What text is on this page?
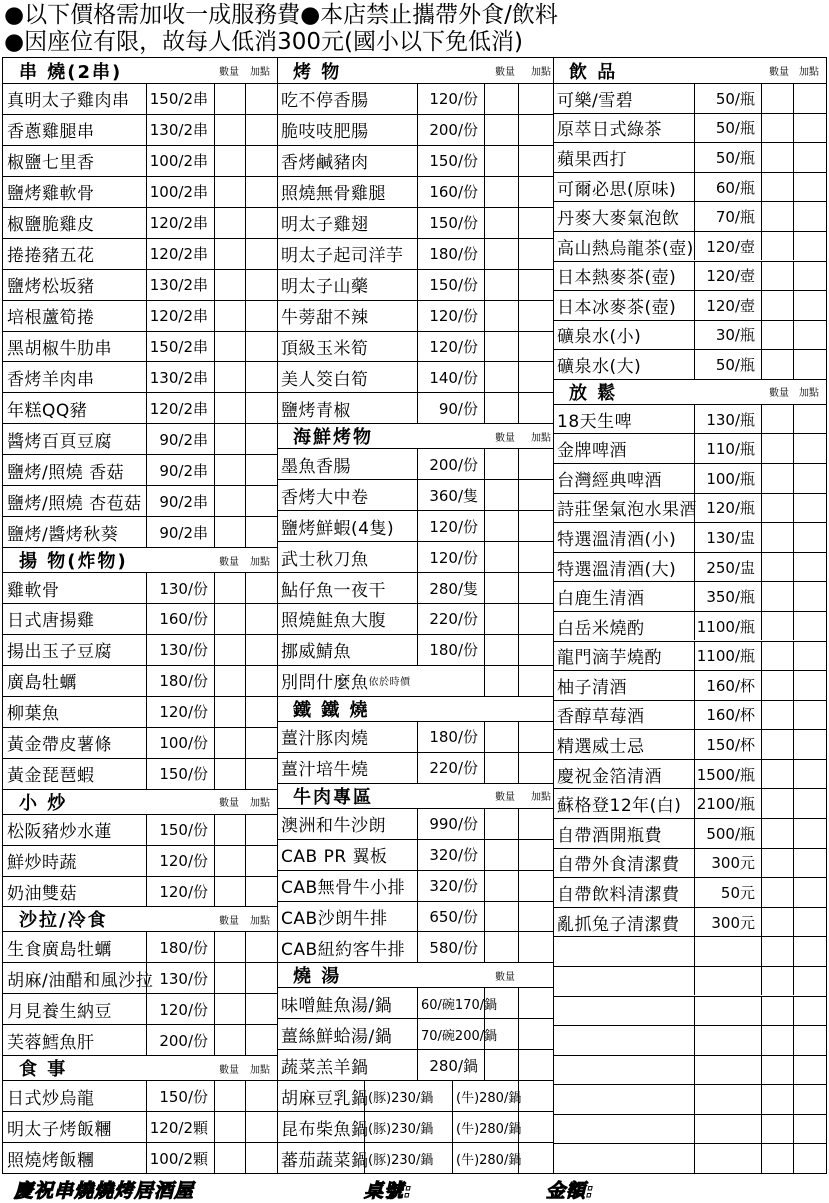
●以下價格需加收一成服務費●本店禁止攜帶外食/飲料
●因座位有限，故每人低消300元(國小以下免低消)
串 燒(2串)	數量 加點
真明太子雞肉串 150/2串
香蔥雞腿串	130/2串
椒鹽七里香	100/2串
鹽烤雞軟骨	100/2串
椒鹽脆雞皮	120/2串
捲捲豬五花	120/2串
鹽烤松坂豬	130/2串
培根蘆筍捲	120/2串
黑胡椒牛肋串	150/2串
香烤羊肉串	130/2串
年糕QQ豬	120/2串
醬烤百頁豆腐	90/2串
鹽烤/照燒 香菇	90/2串
鹽烤/照燒 杏苞菇	90/2串
鹽烤/醬烤秋葵	90/2串
揚 物(炸物)	數量 加點
雞軟骨	130/份
日式唐揚雞	160/份
揚出玉子豆腐	130/份
廣島牡蠣	180/份
柳葉魚	120/份
黃金帶皮薯條	100/份
黃金琵琶蝦	150/份
小 炒	數量 加點
松阪豬炒水蓮	150/份
鮮炒時蔬	120/份
奶油雙菇	120/份
沙拉/冷食	數量 加點
生食廣島牡蠣	180/份
胡麻/油醋和風沙拉 130/份
月見養生納豆	120/份
芙蓉鱈魚肝	200/份
食 事	數量 加點
日式炒烏龍	150/份
明太子烤飯糰	120/2顆
照燒烤飯糰	100/2顆
烤 物	數量 加點
吃不停香腸	120/份
脆吱吱肥腸	200/份
香烤鹹豬肉	150/份
照燒無骨雞腿	160/份
明太子雞翅	150/份
明太子起司洋芋	180/份
明太子山藥	150/份
牛蒡甜不辣	120/份
頂級玉米筍	120/份
美人筊白筍	140/份
鹽烤青椒	90/份
海鮮烤物	數量 加點
墨魚香腸	200/份
香烤大中卷	360/隻
鹽烤鮮蝦(4隻)	120/份
武士秋刀魚	120/份
鮎仔魚一夜干	280/隻
照燒鮭魚大腹	220/份
挪威鯖魚	180/份
別問什麼魚 依於時價
鐵 鐵 燒
薑汁豚肉燒	180/份
薑汁培牛燒	220/份
牛肉專區	數量 加點
澳洲和牛沙朗	990/份
CAB PR 翼板	320/份
CAB無骨牛小排	320/份
CAB沙朗牛排	650/份
CAB紐約客牛排	580/份
燒 湯	數量
味噌鮭魚湯/鍋 60/碗170/鍋
薑絲鮮蛤湯/鍋 70/碗200/鍋
蔬菜羔羊鍋	280/鍋
胡麻豆乳鍋 (豚)230/鍋	(牛)280/鍋
昆布柴魚鍋 (豚)230/鍋	(牛)280/鍋
蕃茄蔬菜鍋 (豚)230/鍋	(牛)280/鍋
飲 品	數量 加點
可樂/雪碧	50/瓶
原萃日式綠茶	50/瓶
蘋果西打	50/瓶
可爾必思(原味)	60/瓶
丹麥大麥氣泡飲	70/瓶
高山熱烏龍茶(壺) 120/壺
日本熱麥茶(壺)	120/壺
日本冰麥茶(壺)	120/壺
礦泉水(小)	30/瓶
礦泉水(大)	50/瓶
放 鬆	數量 加點
18天生啤	130/瓶
金牌啤酒	110/瓶
台灣經典啤酒	100/瓶
詩莊堡氣泡水果酒 120/瓶
特選溫清酒(小)	130/盅
特選溫清酒(大)	250/盅
白鹿生清酒	350/瓶
白岳米燒酌	1100/瓶
龍門滴芋燒酌 1100/瓶
柚子清酒	160/杯
香醇草莓酒	160/杯
精選威士忌	150/杯
慶祝金箔清酒 1500/瓶
蘇格登12年(白) 2100/瓶
自帶酒開瓶費	500/瓶
自帶外食清潔費	300元
自帶飲料清潔費	50元
亂抓兔子清潔費	300元
慶祝串燒燒烤居酒屋	桌號:	金額:
